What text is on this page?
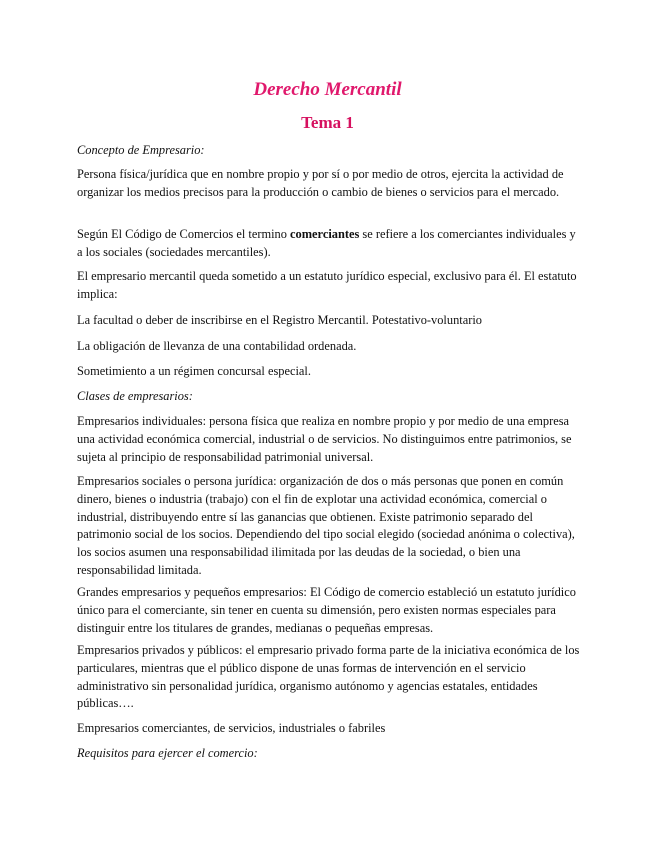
Derecho Mercantil
Tema 1

Concepto de Empresario:

Persona física/jurídica que en nombre propio y por sí o por medio de otros, ejercita la actividad de organizar los medios precisos para la producción o cambio de bienes o servicios para el mercado.

Según El Código de Comercios el termino comerciantes se refiere a los comerciantes individuales y a los sociales (sociedades mercantiles).

El empresario mercantil queda sometido a un estatuto jurídico especial, exclusivo para él. El estatuto implica:

La facultad o deber de inscribirse en el Registro Mercantil. Potestativo-voluntario

La obligación de llevanza de una contabilidad ordenada.

Sometimiento a un régimen concursal especial.

Clases de empresarios:

Empresarios individuales: persona física que realiza en nombre propio y por medio de una empresa una actividad económica comercial, industrial o de servicios. No distinguimos entre patrimonios, se sujeta al principio de responsabilidad patrimonial universal.

Empresarios sociales o persona jurídica: organización de dos o más personas que ponen en común dinero, bienes o industria (trabajo) con el fin de explotar una actividad económica, comercial o industrial, distribuyendo entre sí las ganancias que obtienen. Existe patrimonio separado del patrimonio social de los socios. Dependiendo del tipo social elegido (sociedad anónima o colectiva), los socios asumen una responsabilidad ilimitada por las deudas de la sociedad, o bien una responsabilidad limitada.

Grandes empresarios y pequeños empresarios: El Código de comercio estableció un estatuto jurídico único para el comerciante, sin tener en cuenta su dimensión, pero existen normas especiales para distinguir entre los titulares de grandes, medianas o pequeñas empresas.

Empresarios privados y públicos: el empresario privado forma parte de la iniciativa económica de los particulares, mientras que el público dispone de unas formas de intervención en el servicio administrativo sin personalidad jurídica, organismo autónomo y agencias estatales, entidades públicas….

Empresarios comerciantes, de servicios, industriales o fabriles

Requisitos para ejercer el comercio:
